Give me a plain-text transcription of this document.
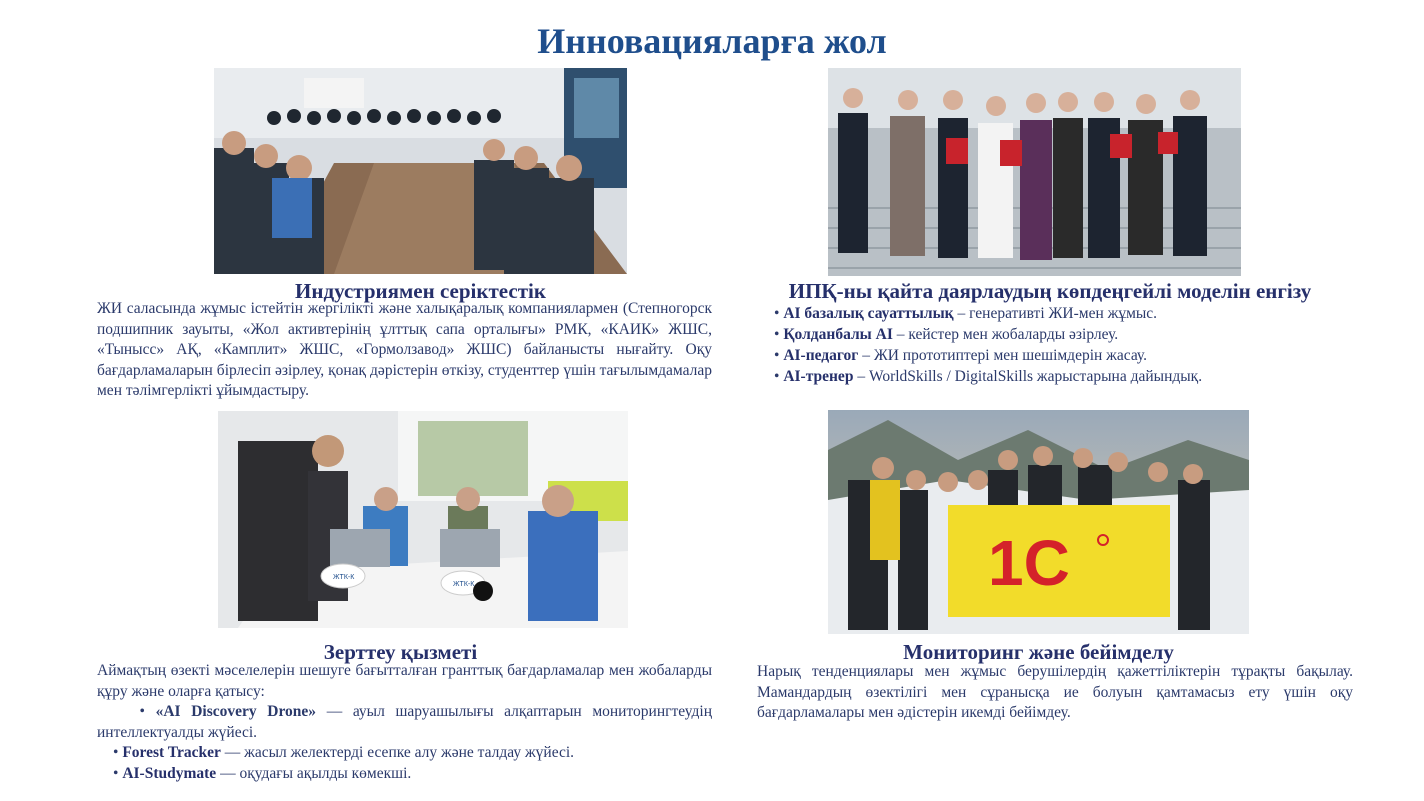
Инновацияларға жол
ЖТК-К
ЖТК-К	1С
Индустриямен серіктестік
ЖИ саласында жұмыс істейтін жергілікті және халықаралық компаниялармен (Степногорск подшипник зауыты, «Жол активтерінің ұлттық сапа орталығы» РМК, «КАИК» ЖШС, «Тынысс» АҚ, «Камплит» ЖШС, «Гормолзавод» ЖШС) байланысты нығайту. Оқу бағдарламаларын бірлесіп әзірлеу, қонақ дәрістерін өткізу, студенттер үшін тағылымдамалар мен тәлімгерлікті ұйымдастыру.
ИПҚ-ны қайта даярлаудың көпдеңгейлі моделін енгізу
• AI базалық сауаттылық – генеративті ЖИ-мен жұмыс.
• Қолданбалы AI – кейстер мен жобаларды әзірлеу.
• AI-педагог – ЖИ прототиптері мен шешімдерін жасау.
• AI-тренер – WorldSkills / DigitalSkills жарыстарына дайындық.
Зерттеу қызметі
Аймақтың өзекті мәселелерін шешуге бағытталған гранттық бағдарламалар мен жобаларды құру және оларға қатысу:
• «AI Discovery Drone» — ауыл шаруашылығы алқаптарын мониторингтеудің интеллектуалды жүйесі.
• Forest Tracker — жасыл желектерді есепке алу және талдау жүйесі.
• AI-Studymate — оқудағы ақылды көмекші.
Мониторинг және бейімделу
Нарық тенденциялары мен жұмыс берушілердің қажеттіліктерін тұрақты бақылау. Мамандардың өзектілігі мен сұранысқа ие болуын қамтамасыз ету үшін оқу бағдарламалары мен әдістерін икемді бейімдеу.
